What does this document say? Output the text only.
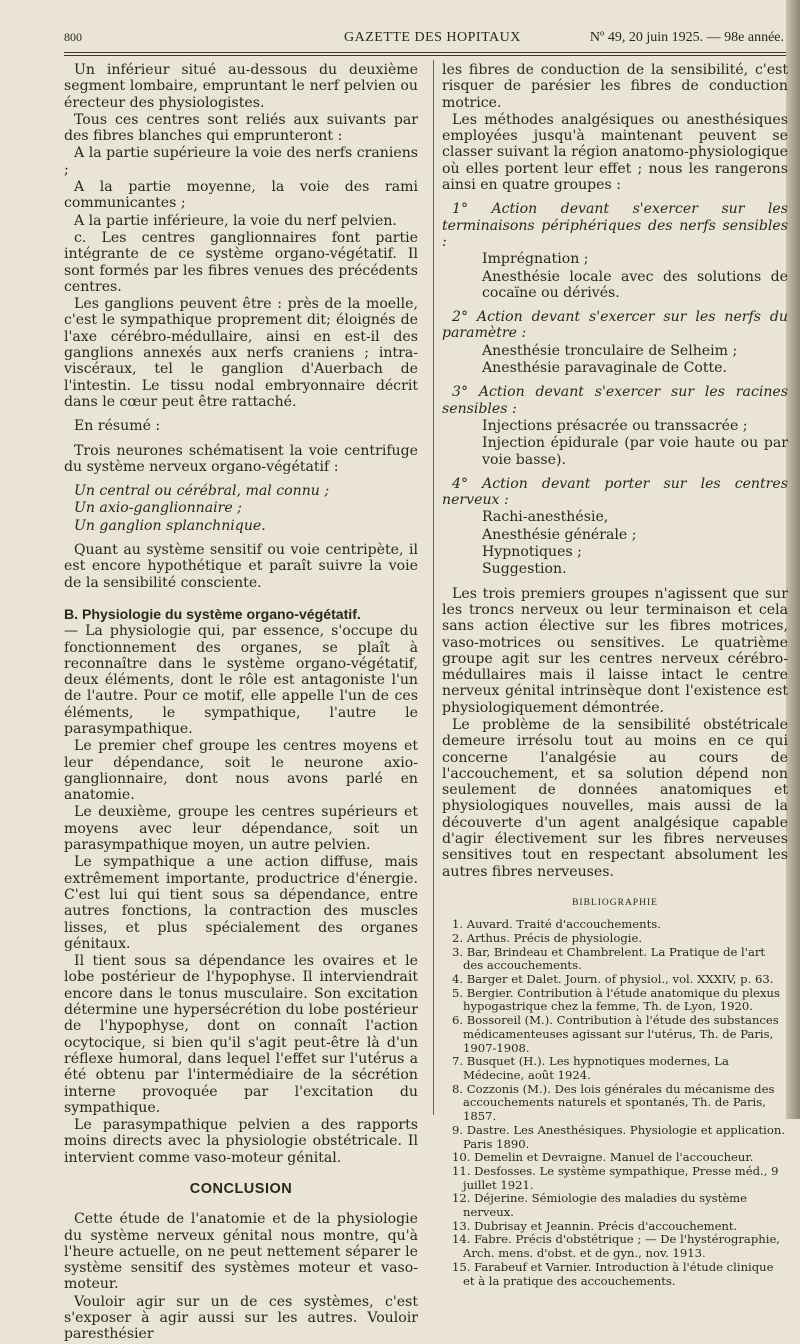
800	GAZETTE DES HOPITAUX	Nº 49, 20 juin 1925. — 98e année.

Un inférieur situé au-dessous du deuxième segment lombaire, empruntant le nerf pelvien ou érecteur des physiologistes.

Tous ces centres sont reliés aux suivants par des fibres blanches qui emprunteront :

A la partie supérieure la voie des nerfs craniens ;

A la partie moyenne, la voie des rami communicantes ;

A la partie inférieure, la voie du nerf pelvien.

c. Les centres ganglionnaires font partie intégrante de ce système organo-végétatif. Il sont formés par les fibres venues des précédents centres.

Les ganglions peuvent être : près de la moelle, c'est le sympathique proprement dit; éloignés de l'axe cérébro-médullaire, ainsi en est-il des ganglions annexés aux nerfs craniens ; intra-viscéraux, tel le ganglion d'Auerbach de l'intestin. Le tissu nodal embryonnaire décrit dans le cœur peut être rattaché.

En résumé :

Trois neurones schématisent la voie centrifuge du système nerveux organo-végétatif :

Un central ou cérébral, mal connu ;

Un axio-ganglionnaire ;

Un ganglion splanchnique.

Quant au système sensitif ou voie centripète, il est encore hypothétique et paraît suivre la voie de la sensibilité consciente.

B. Physiologie du système organo-végétatif.

— La physiologie qui, par essence, s'occupe du fonctionnement des organes, se plaît à reconnaître dans le système organo-végétatif, deux éléments, dont le rôle est antagoniste l'un de l'autre. Pour ce motif, elle appelle l'un de ces éléments, le sympathique, l'autre le parasympathique.

Le premier chef groupe les centres moyens et leur dépendance, soit le neurone axio-ganglionnaire, dont nous avons parlé en anatomie.

Le deuxième, groupe les centres supérieurs et moyens avec leur dépendance, soit un parasympathique moyen, un autre pelvien.

Le sympathique a une action diffuse, mais extrêmement importante, productrice d'énergie. C'est lui qui tient sous sa dépendance, entre autres fonctions, la contraction des muscles lisses, et plus spécialement des organes génitaux.

Il tient sous sa dépendance les ovaires et le lobe postérieur de l'hypophyse. Il interviendrait encore dans le tonus musculaire. Son excitation détermine une hypersécrétion du lobe postérieur de l'hypophyse, dont on connaît l'action ocytocique, si bien qu'il s'agit peut-être là d'un réflexe humoral, dans lequel l'effet sur l'utérus a été obtenu par l'intermédiaire de la sécrétion interne provoquée par l'excitation du sympathique.

Le parasympathique pelvien a des rapports moins directs avec la physiologie obstétricale. Il intervient comme vaso-moteur génital.

CONCLUSION

Cette étude de l'anatomie et de la physiologie du système nerveux génital nous montre, qu'à l'heure actuelle, on ne peut nettement séparer le système sensitif des systèmes moteur et vaso-moteur.

Vouloir agir sur un de ces systèmes, c'est s'exposer à agir aussi sur les autres. Vouloir paresthésier

les fibres de conduction de la sensibilité, c'est risquer de parésier les fibres de conduction motrice.

Les méthodes analgésiques ou anesthésiques employées jusqu'à maintenant peuvent se classer suivant la région anatomo-physiologique où elles portent leur effet ; nous les rangerons ainsi en quatre groupes :

1° Action devant s'exercer sur les terminaisons périphériques des nerfs sensibles :

Imprégnation ;

Anesthésie locale avec des solutions de cocaïne ou dérivés.

2° Action devant s'exercer sur les nerfs du paramètre :

Anesthésie tronculaire de Selheim ;

Anesthésie paravaginale de Cotte.

3° Action devant s'exercer sur les racines sensibles :

Injections présacrée ou transsacrée ;

Injection épidurale (par voie haute ou par voie basse).

4° Action devant porter sur les centres nerveux :

Rachi-anesthésie,

Anesthésie générale ;

Hypnotiques ;

Suggestion.

Les trois premiers groupes n'agissent que sur les troncs nerveux ou leur terminaison et cela sans action élective sur les fibres motrices, vaso-motrices ou sensitives. Le quatrième groupe agit sur les centres nerveux cérébro-médullaires mais il laisse intact le centre nerveux génital intrinsèque dont l'existence est physiologiquement démontrée.

Le problème de la sensibilité obstétricale demeure irrésolu tout au moins en ce qui concerne l'analgésie au cours de l'accouchement, et sa solution dépend non seulement de données anatomiques et physiologiques nouvelles, mais aussi de la découverte d'un agent analgésique capable d'agir électivement sur les fibres nerveuses sensitives tout en respectant absolument les autres fibres nerveuses.

BIBLIOGRAPHIE
1. Auvard. Traité d'accouchements.
2. Arthus. Précis de physiologie.
3. Bar, Brindeau et Chambrelent. La Pratique de l'art des accouchements.
4. Barger et Dalet. Journ. of physiol., vol. XXXIV, p. 63.
5. Bergier. Contribution à l'étude anatomique du plexus hypogastrique chez la femme, Th. de Lyon, 1920.
6. Bossoreil (M.). Contribution à l'étude des substances médicamenteuses agissant sur l'utérus, Th. de Paris, 1907-1908.
7. Busquet (H.). Les hypnotiques modernes, La Médecine, août 1924.
8. Cozzonis (M.). Des lois générales du mécanisme des accouchements naturels et spontanés, Th. de Paris, 1857.
9. Dastre. Les Anesthésiques. Physiologie et application. Paris 1890.
10. Demelin et Devraigne. Manuel de l'accoucheur.
11. Desfosses. Le système sympathique, Presse méd., 9 juillet 1921.
12. Déjerine. Sémiologie des maladies du système nerveux.
13. Dubrisay et Jeannin. Précis d'accouchement.
14. Fabre. Précis d'obstétrique ; — De l'hystérographie, Arch. mens. d'obst. et de gyn., nov. 1913.
15. Farabeuf et Varnier. Introduction à l'étude clinique et à la pratique des accouchements.
